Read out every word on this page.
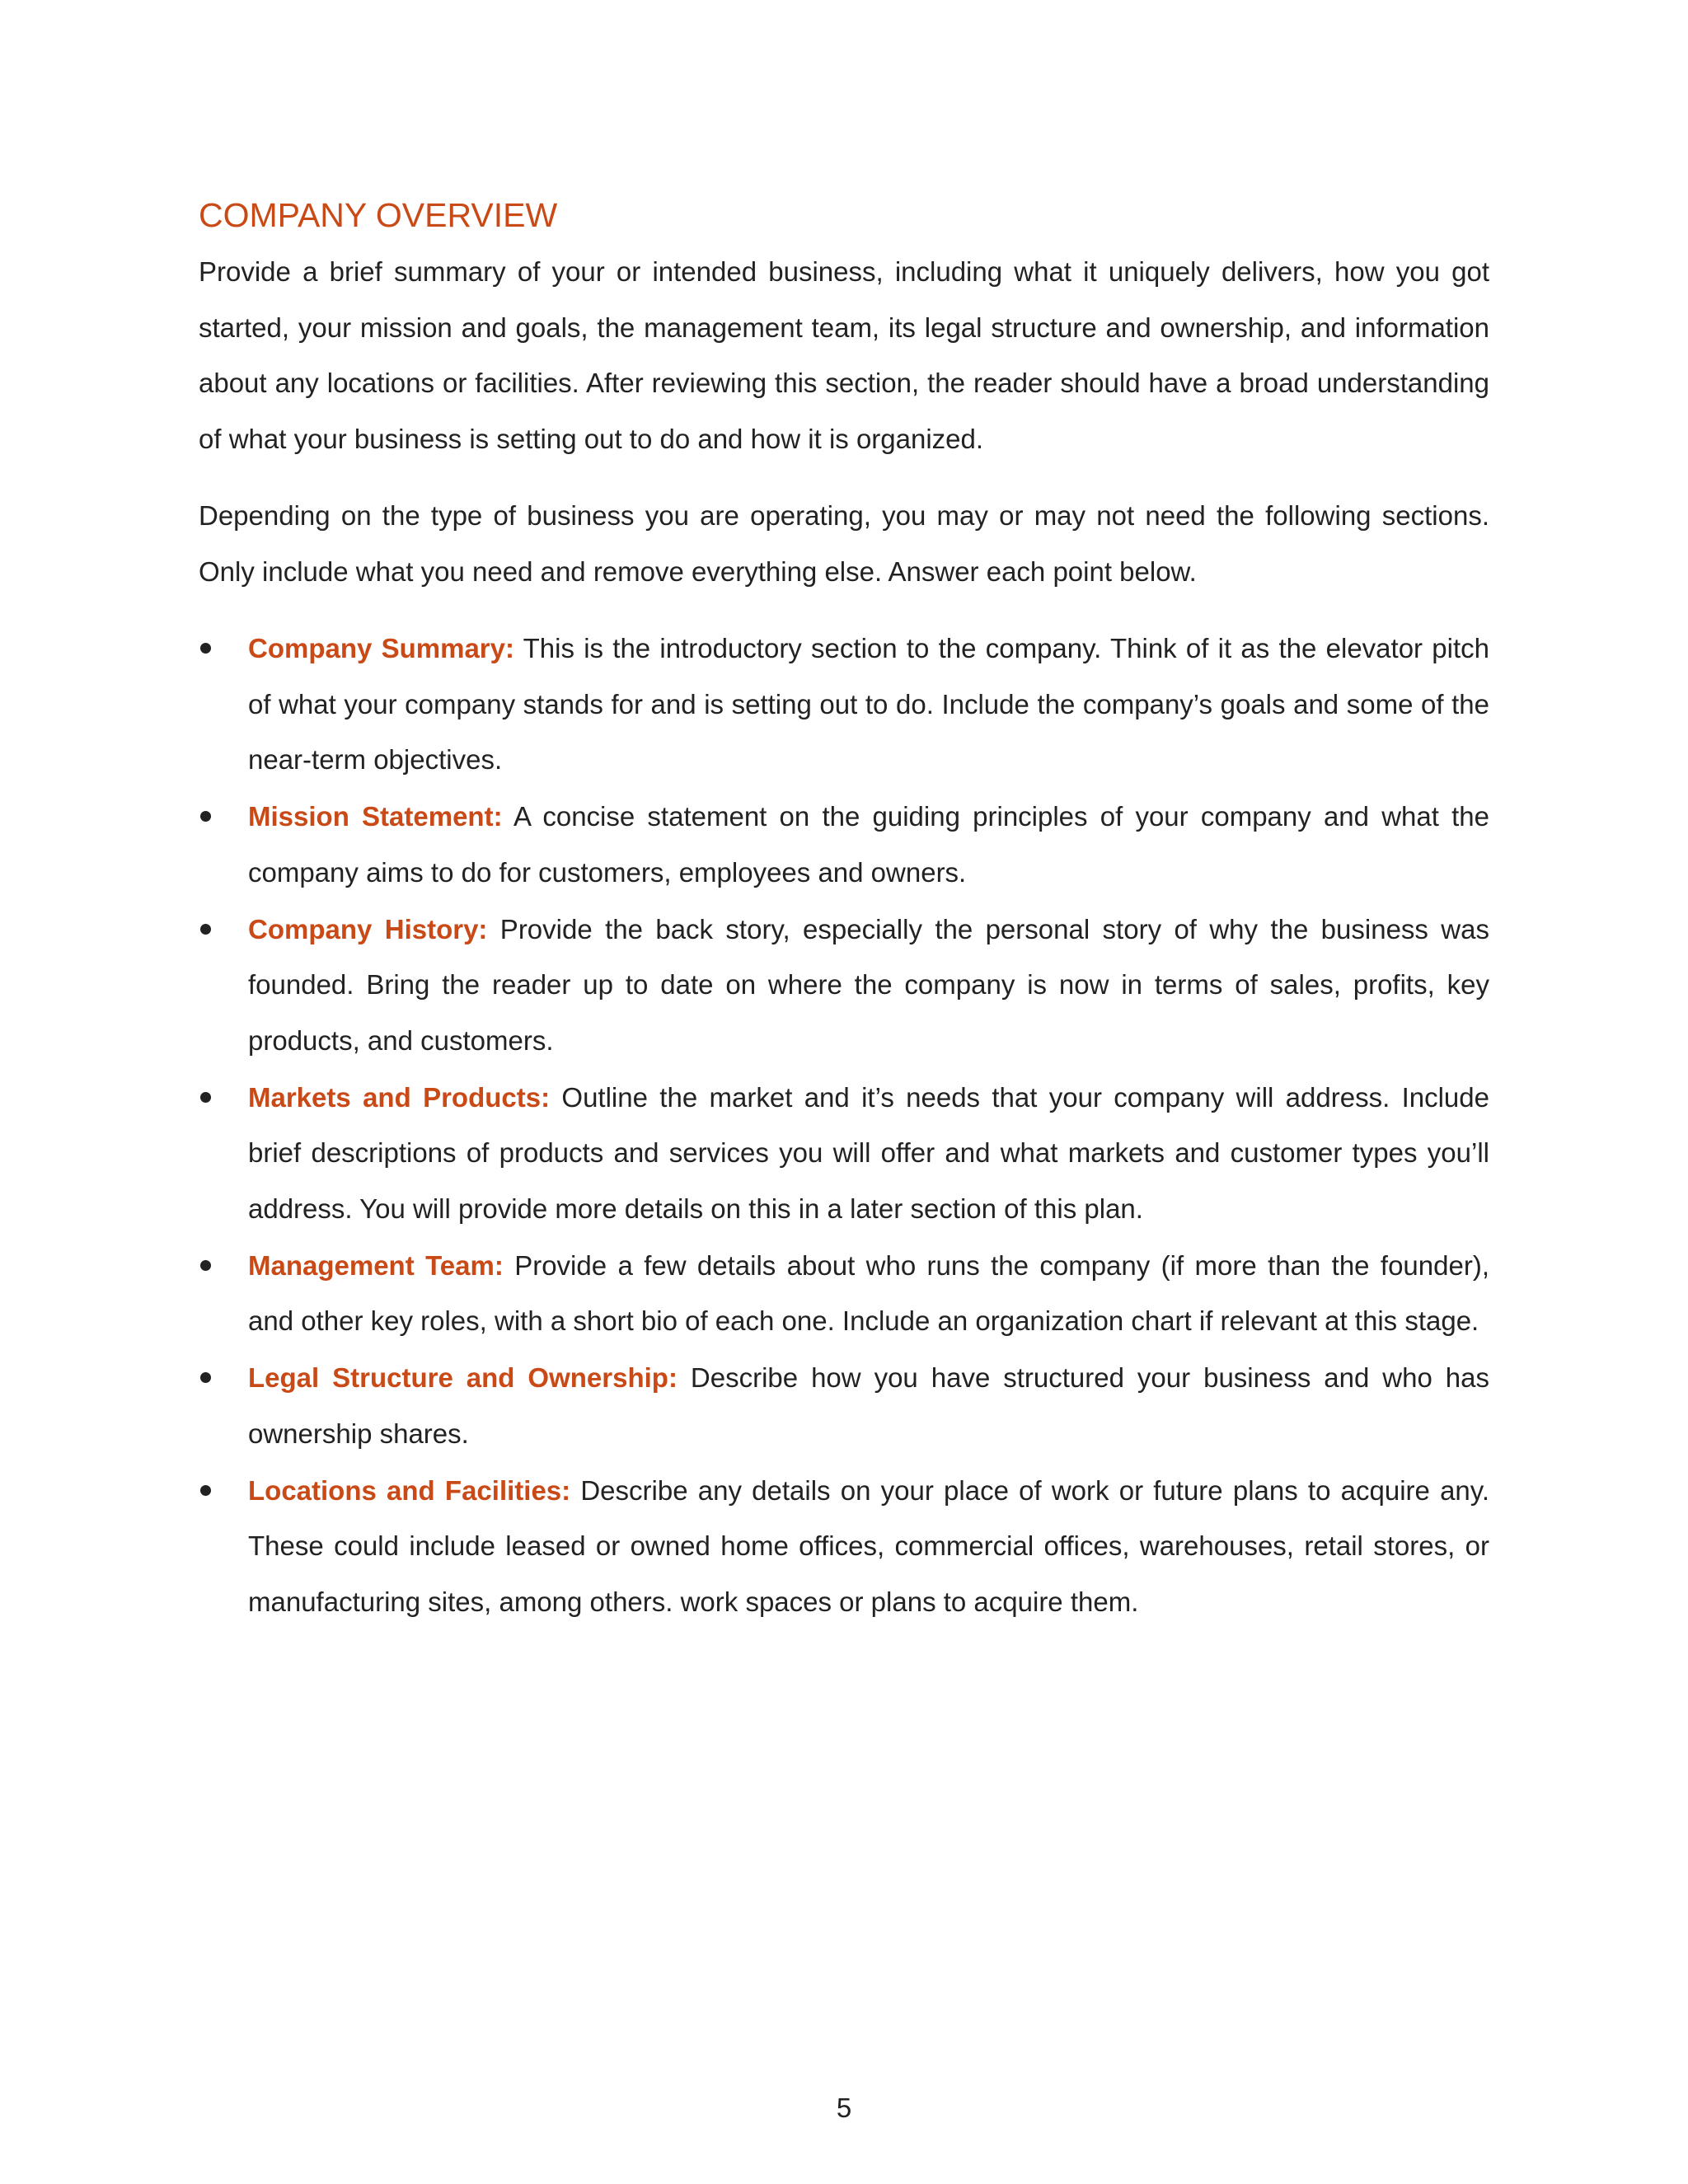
COMPANY OVERVIEW

Provide a brief summary of your or intended business, including what it uniquely delivers, how you got started, your mission and goals, the management team, its legal structure and ownership, and information about any locations or facilities. After reviewing this section, the reader should have a broad understanding of what your business is setting out to do and how it is organized.

Depending on the type of business you are operating, you may or may not need the following sections. Only include what you need and remove everything else. Answer each point below.

Company Summary: This is the introductory section to the company. Think of it as the elevator pitch of what your company stands for and is setting out to do. Include the company’s goals and some of the near-term objectives.
Mission Statement: A concise statement on the guiding principles of your company and what the company aims to do for customers, employees and owners.
Company History: Provide the back story, especially the personal story of why the business was founded. Bring the reader up to date on where the company is now in terms of sales, profits, key products, and customers.
Markets and Products: Outline the market and it’s needs that your company will address. Include brief descriptions of products and services you will offer and what markets and customer types you’ll address. You will provide more details on this in a later section of this plan.
Management Team: Provide a few details about who runs the company (if more than the founder), and other key roles, with a short bio of each one. Include an organization chart if relevant at this stage.
Legal Structure and Ownership: Describe how you have structured your business and who has ownership shares.
Locations and Facilities: Describe any details on your place of work or future plans to acquire any. These could include leased or owned home offices, commercial offices, warehouses, retail stores, or manufacturing sites, among others. work spaces or plans to acquire them.
5
